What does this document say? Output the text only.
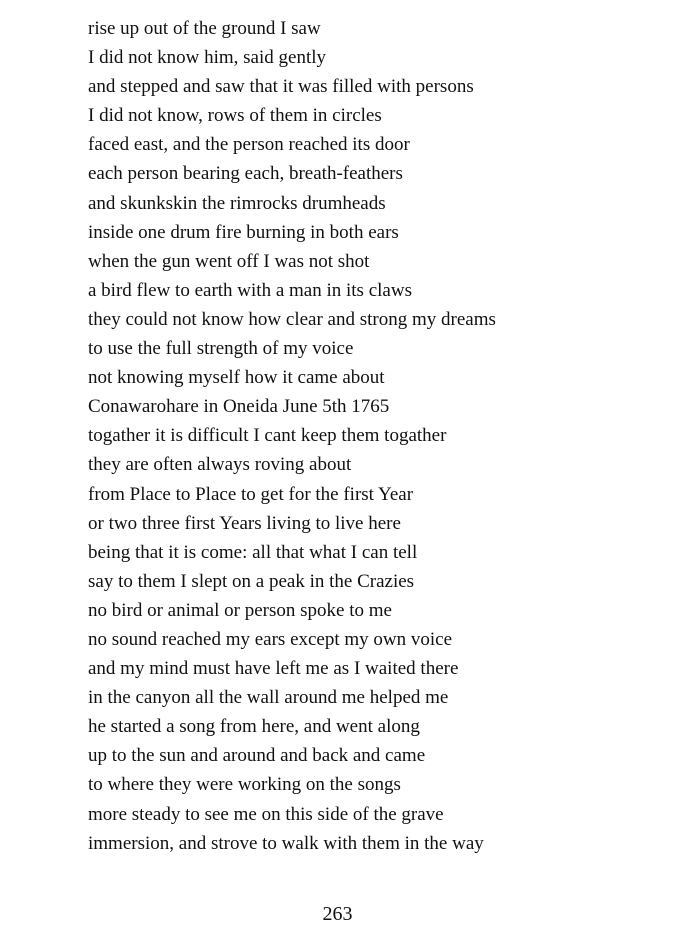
rise up out of the ground I saw
I did not know him, said gently
and stepped and saw that it was filled with persons
I did not know, rows of them in circles
faced east, and the person reached its door
each person bearing each, breath-feathers
and skunkskin the rimrocks drumheads
inside one drum fire burning in both ears
when the gun went off I was not shot
a bird flew to earth with a man in its claws
they could not know how clear and strong my dreams
to use the full strength of my voice
not knowing myself how it came about
Conawarohare in Oneida June 5th 1765
togather it is difficult I cant keep them togather
they are often always roving about
from Place to Place to get for the first Year
or two three first Years living to live here
being that it is come: all that what I can tell
say to them I slept on a peak in the Crazies
no bird or animal or person spoke to me
no sound reached my ears except my own voice
and my mind must have left me as I waited there
in the canyon all the wall around me helped me
he started a song from here, and went along
up to the sun and around and back and came
to where they were working on the songs
more steady to see me on this side of the grave
immersion, and strove to walk with them in the way
263
